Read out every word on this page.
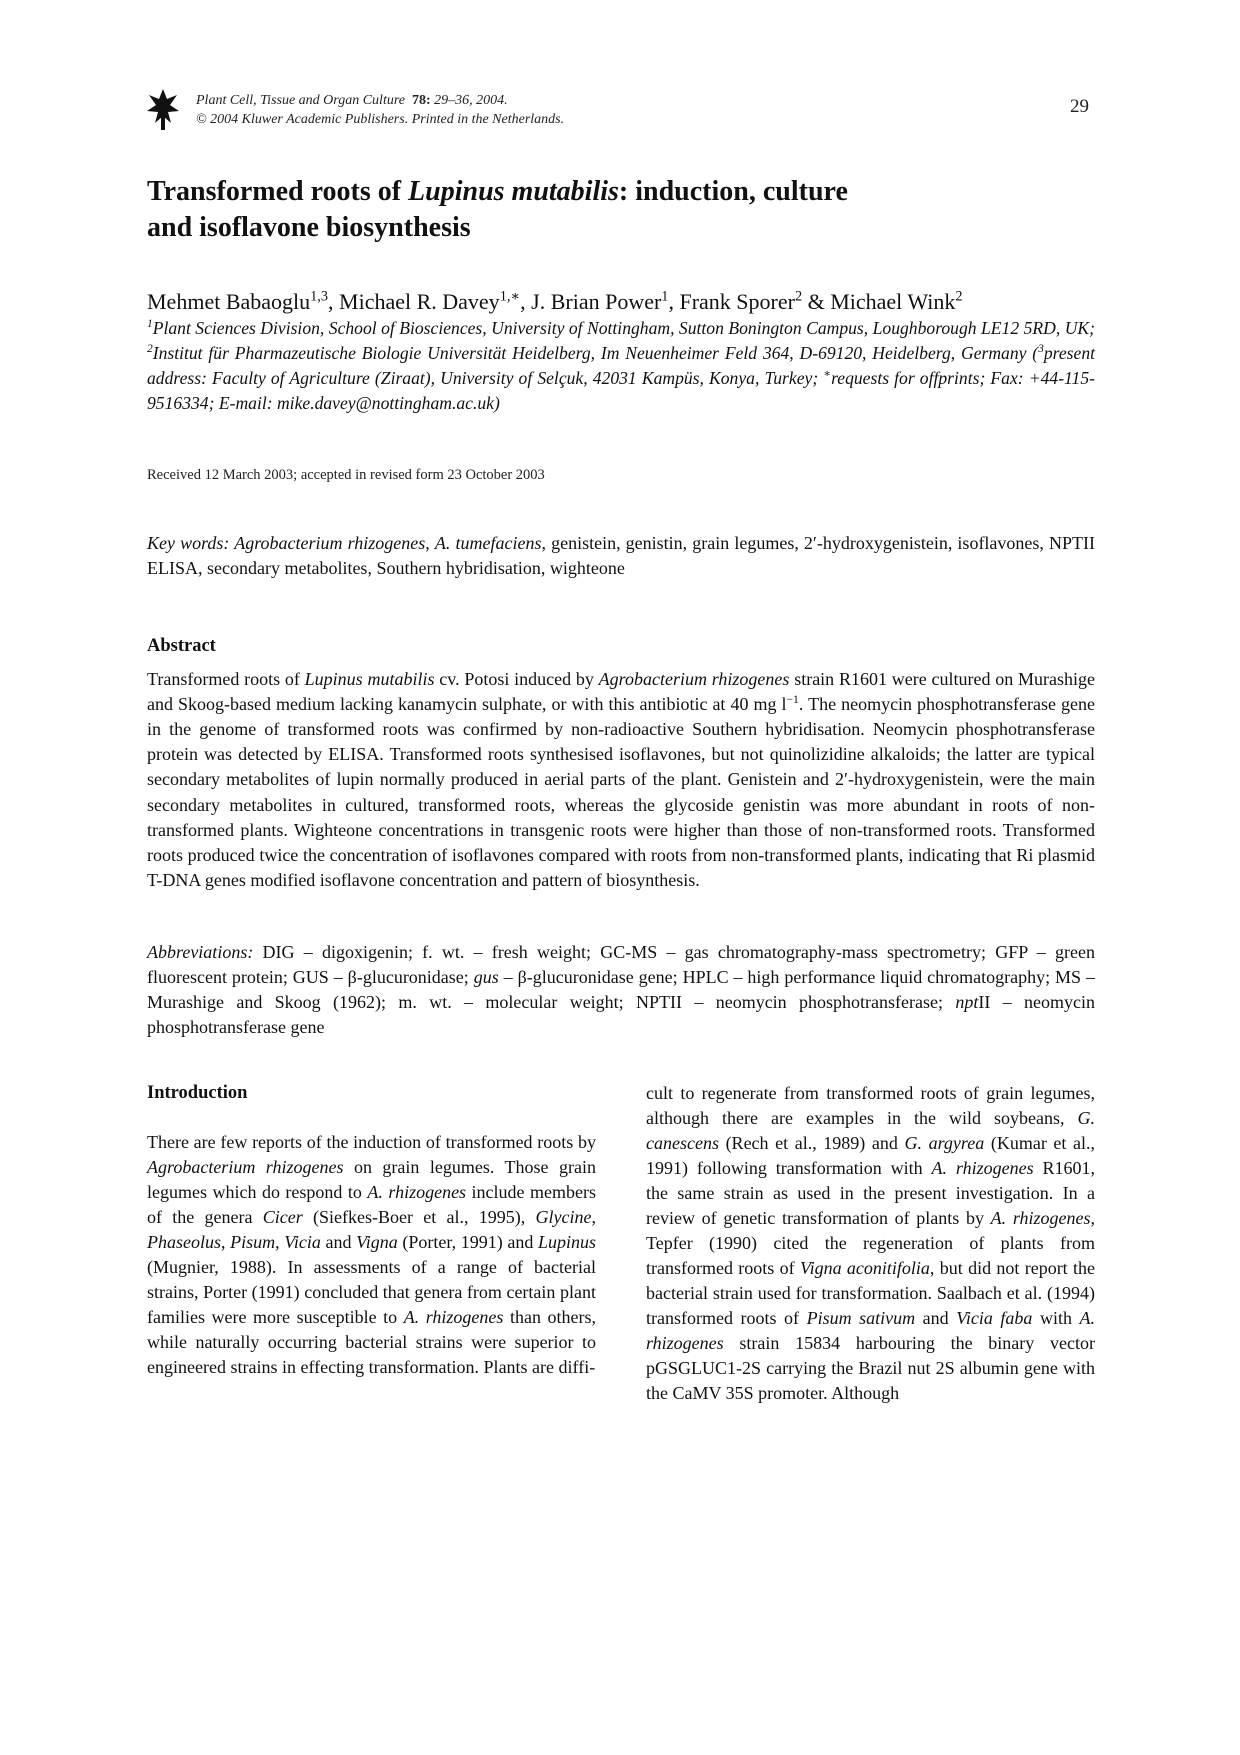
Plant Cell, Tissue and Organ Culture 78: 29–36, 2004.
© 2004 Kluwer Academic Publishers. Printed in the Netherlands.
29
Transformed roots of Lupinus mutabilis: induction, culture
and isoflavone biosynthesis
Mehmet Babaoglu$^{1,3}$, Michael R. Davey$^{1,∗}$, J. Brian Power$^1$, Frank Sporer$^2$ & Michael Wink$^2$
$^1$Plant Sciences Division, School of Biosciences, University of Nottingham, Sutton Bonington Campus, Loughborough LE12 5RD, UK; $^2$Institut für Pharmazeutische Biologie Universität Heidelberg, Im Neuenheimer Feld 364, D-69120, Heidelberg, Germany ($^3$present address: Faculty of Agriculture (Ziraat), University of Selçuk, 42031 Kampüs, Konya, Turkey; ∗requests for offprints; Fax: +44-115-9516334; E-mail: mike.davey@nottingham.ac.uk)
Received 12 March 2003; accepted in revised form 23 October 2003
Key words: Agrobacterium rhizogenes, A. tumefaciens, genistein, genistin, grain legumes, 2′-hydroxygenistein, isoflavones, NPTII ELISA, secondary metabolites, Southern hybridisation, wighteone
Abstract

Transformed roots of Lupinus mutabilis cv. Potosi induced by Agrobacterium rhizogenes strain R1601 were cultured on Murashige and Skoog-based medium lacking kanamycin sulphate, or with this antibiotic at 40 mg $l^{-1}$. The neomycin phosphotransferase gene in the genome of transformed roots was confirmed by non-radioactive Southern hybridisation. Neomycin phosphotransferase protein was detected by ELISA. Transformed roots synthesised isoflavones, but not quinolizidine alkaloids; the latter are typical secondary metabolites of lupin normally produced in aerial parts of the plant. Genistein and 2′-hydroxygenistein, were the main secondary metabolites in cultured, transformed roots, whereas the glycoside genistin was more abundant in roots of non-transformed plants. Wighteone concentrations in transgenic roots were higher than those of non-transformed roots. Transformed roots produced twice the concentration of isoflavones compared with roots from non-transformed plants, indicating that Ri plasmid T-DNA genes modified isoflavone concentration and pattern of biosynthesis.

Abbreviations: DIG – digoxigenin; f. wt. – fresh weight; GC-MS – gas chromatography-mass spectrometry; GFP – green fluorescent protein; GUS – β-glucuronidase; gus – β-glucuronidase gene; HPLC – high performance liquid chromatography; MS – Murashige and Skoog (1962); m. wt. – molecular weight; NPTII – neomycin phosphotransferase; nptII – neomycin phosphotransferase gene
Introduction
There are few reports of the induction of transformed roots by Agrobacterium rhizogenes on grain legumes. Those grain legumes which do respond to A. rhizogenes include members of the genera Cicer (Siefkes-Boer et al., 1995), Glycine, Phaseolus, Pisum, Vicia and Vigna (Porter, 1991) and Lupinus (Mugnier, 1988). In assessments of a range of bacterial strains, Porter (1991) concluded that genera from certain plant families were more susceptible to A. rhizogenes than others, while naturally occurring bacterial strains were superior to engineered strains in effecting transformation. Plants are diffi-
cult to regenerate from transformed roots of grain legumes, although there are examples in the wild soybeans, G. canescens (Rech et al., 1989) and G. argyrea (Kumar et al., 1991) following transformation with A. rhizogenes R1601, the same strain as used in the present investigation. In a review of genetic transformation of plants by A. rhizogenes, Tepfer (1990) cited the regeneration of plants from transformed roots of Vigna aconitifolia, but did not report the bacterial strain used for transformation. Saalbach et al. (1994) transformed roots of Pisum sativum and Vicia faba with A. rhizogenes strain 15834 harbouring the binary vector pGSGLUC1-2S carrying the Brazil nut 2S albumin gene with the CaMV 35S promoter. Although
